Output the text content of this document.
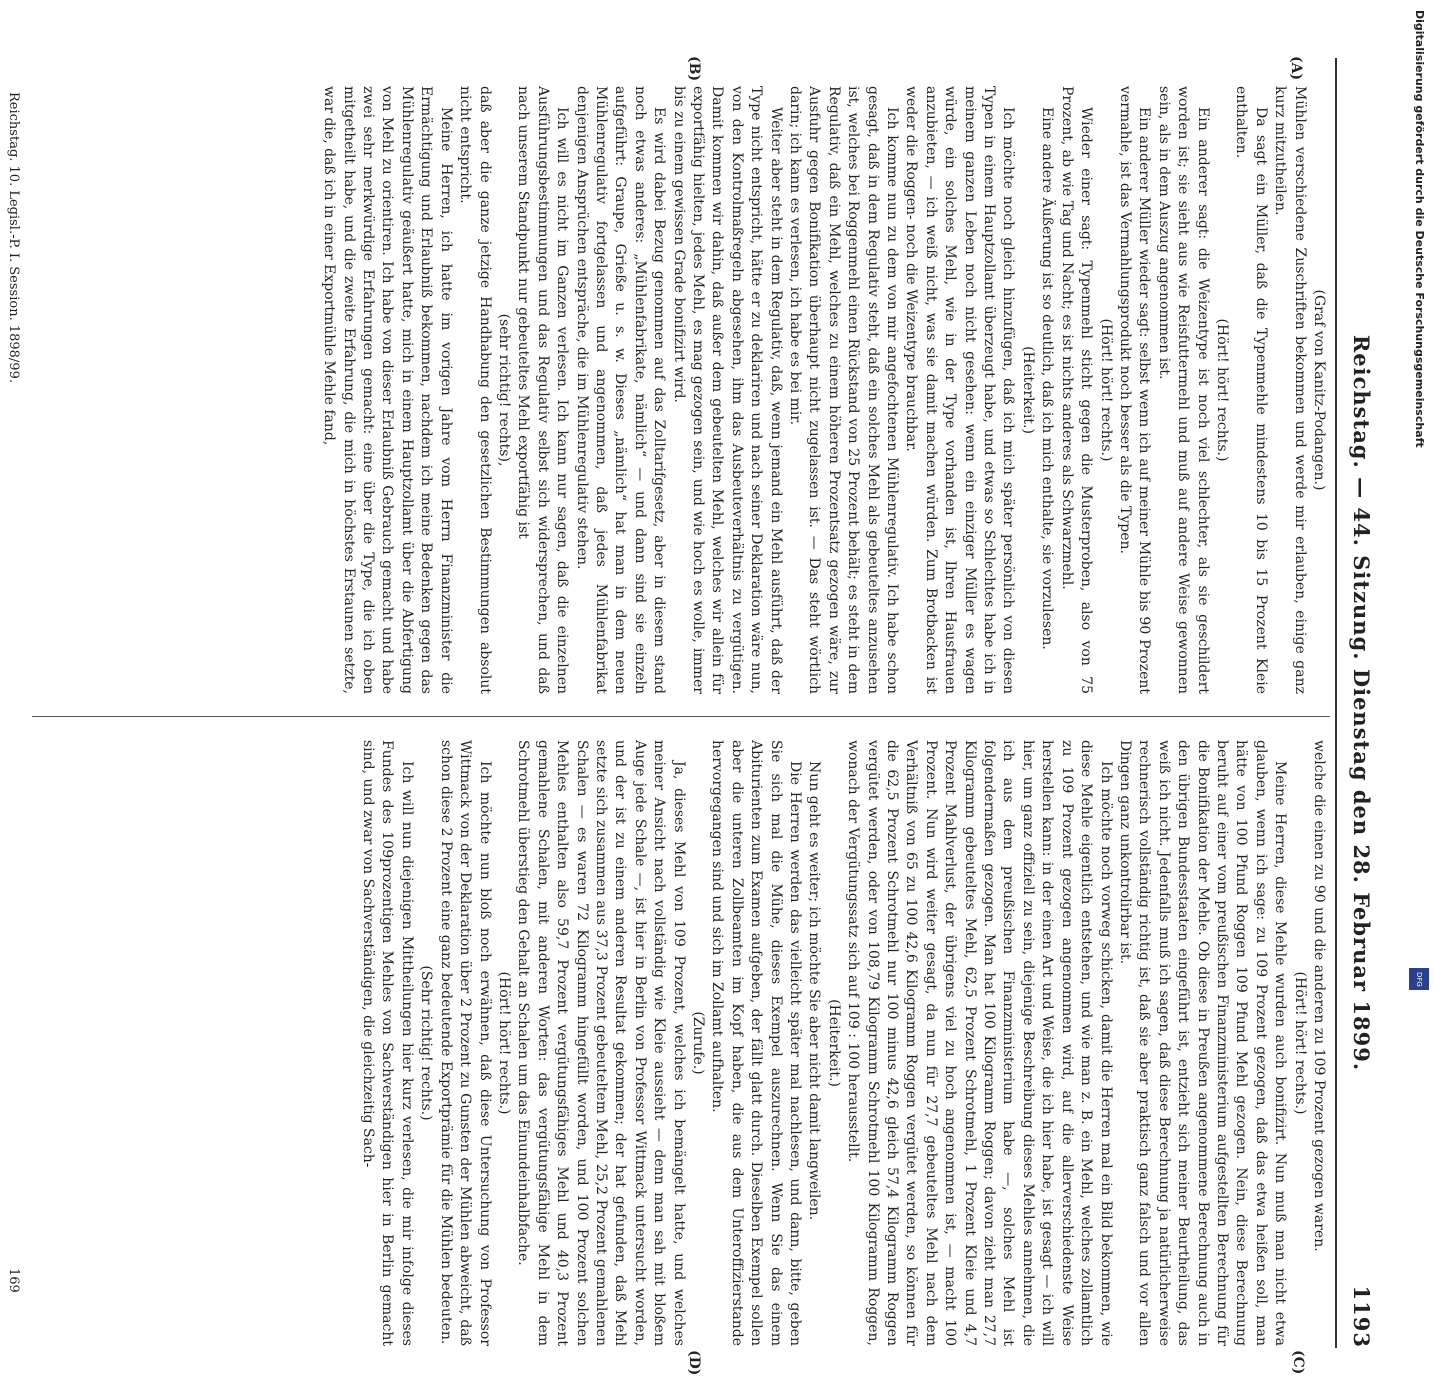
Reichstag. — 44. Sitzung. Dienstag den 28. Februar 1899.
1193
(A)
(B)
(C)
(D)

(Graf von Kanitz-Podangen.)

Mühlen verschiedene Zuschriften bekommen und werde mir erlauben, einige ganz kurz mitzutheilen.

Da sagt ein Müller, daß die Typenmehle mindestens 10 bis 15 Prozent Kleie enthalten.

(Hört! hört! rechts.)

Ein anderer sagt: die Weizentype ist noch viel schlechter, als sie geschildert worden ist; sie sieht aus wie Reisfuttermehl und muß auf andere Weise gewonnen sein, als in dem Auszug angenommen ist.

Ein anderer Müller wieder sagt: selbst wenn ich auf meiner Mühle bis 90 Prozent vermahle, ist das Vermahlungsprodukt noch besser als die Typen.

(Hört! hört! rechts.)

Wieder einer sagt: Typenmehl sticht gegen die Musterproben, also von 75 Prozent, ab wie Tag und Nacht; es ist nichts anderes als Schwarzmehl.

Eine andere Äußerung ist so deutlich, daß ich mich enthalte, sie vorzulesen.

(Heiterkeit.)

Ich möchte noch gleich hinzufügen, daß ich mich später persönlich von diesen Typen in einem Hauptzollamt überzeugt habe, und etwas so Schlechtes habe ich in meinem ganzen Leben noch nicht gesehen: wenn ein einziger Müller es wagen würde, ein solches Mehl, wie in der Type vorhanden ist, Ihren Hausfrauen anzubieten, — ich weiß nicht, was sie damit machen würden. Zum Brotbacken ist weder die Roggen- noch die Weizentype brauchbar.

Ich komme nun zu dem von mir angefochtenen Mühlenregulativ. Ich habe schon gesagt, daß in dem Regulativ steht, daß ein solches Mehl als gebeuteltes anzusehen ist, welches bei Roggenmehl einen Rückstand von 25 Prozent behält; es steht in dem Regulativ, daß ein Mehl, welches zu einem höheren Prozentsatz gezogen wäre, zur Ausfuhr gegen Bonifikation überhaupt nicht zugelassen ist. — Das steht wörtlich darin; ich kann es verlesen, ich habe es bei mir.

Weiter aber steht in dem Regulativ, daß, wenn jemand ein Mehl ausführt, daß der Type nicht entspricht, hätte er zu deklariren und nach seiner Deklaration wäre nun, von den Kontrolmaßregeln abgesehen, ihm das Ausbeuteverhältnis zu vergütigen. Damit kommen wir dahin, daß außer dem gebeutelten Mehl, welches wir allein für exportfähig hielten, jedes Mehl, es mag gezogen sein, und wie hoch es wolle, immer bis zu einem gewissen Grade bonifizirt wird.

Es wird dabei Bezug genommen auf das Zolltarifgesetz, aber in diesem stand noch etwas anderes: „Mühlenfabrikate, nämlich“ — und dann sind sie einzeln aufgeführt: Graupe, Grieße u. s. w. Dieses „nämlich“ hat man in dem neuen Mühlenregulativ fortgelassen und angenommen, daß jedes Mühlenfabrikat denjenigen Ansprüchen entspräche, die im Mühlenregulativ stehen.

Ich will es nicht im Ganzen verlesen. Ich kann nur sagen, daß die einzelnen Ausführungsbestimmungen und das Regulativ selbst sich widersprechen, und daß nach unserem Standpunkt nur gebeuteltes Mehl exportfähig ist

(sehr richtig! rechts),

daß aber die ganze jetzige Handhabung den gesetzlichen Bestimmungen absolut nicht entspricht.

Meine Herren, ich hatte im vorigen Jahre vom Herrn Finanzminister die Ermächtigung und Erlaubniß bekommen, nachdem ich meine Bedenken gegen das Mühlenregulativ geäußert hatte, mich in einem Hauptzollamt über die Abfertigung von Mehl zu orientiren. Ich habe von dieser Erlaubniß Gebrauch gemacht und habe zwei sehr merkwürdige Erfahrungen gemacht: eine über die Type, die ich oben mitgetheilt habe, und die zweite Erfahrung, die mich in höchstes Erstaunen setzte, war die, daß ich in einer Exportmühle Mehle fand,

welche die einen zu 90 und die anderen zu 109 Prozent gezogen waren.

(Hört! hört! rechts.)

Meine Herren, diese Mehle wurden auch bonifizirt. Nun muß man nicht etwa glauben, wenn ich sage: zu 109 Prozent gezogen, daß das etwa heißen soll, man hätte von 100 Pfund Roggen 109 Pfund Mehl gezogen. Nein, diese Berechnung beruht auf einer vom preußischen Finanzministerium aufgestellten Berechnung für die Bonifikation der Mehle. Ob diese in Preußen angenommene Berechnung auch in den übrigen Bundesstaaten eingeführt ist, entzieht sich meiner Beurtheilung, das weiß ich nicht. Jedenfalls muß ich sagen, daß diese Berechnung ja natürlicherweise rechnerisch vollständig richtig ist, daß sie aber praktisch ganz falsch und vor allen Dingen ganz unkontrolirbar ist.

Ich möchte noch vorweg schicken, damit die Herren mal ein Bild bekommen, wie diese Mehle eigentlich entstehen, und wie man z. B. ein Mehl, welches zollamtlich zu 109 Prozent gezogen angenommen wird, auf die allerverschiedenste Weise herstellen kann: in der einen Art und Weise, die ich hier habe, ist gesagt — ich will hier, um ganz offiziell zu sein, diejenige Beschreibung dieses Mehles annehmen, die ich aus dem preußischen Finanzministerium habe —, solches Mehl ist folgendermaßen gezogen. Man hat 100 Kilogramm Roggen; davon zieht man 27,7 Kilogramm gebeuteltes Mehl, 62,5 Prozent Schrotmehl, 1 Prozent Kleie und 4,7 Prozent Mahlverlust, der übrigens viel zu hoch angenommen ist, — macht 100 Prozent. Nun wird weiter gesagt, da nun für 27,7 gebeuteltes Mehl nach dem Verhältniß von 65 zu 100 42,6 Kilogramm Roggen vergütet werden, so können für die 62,5 Prozent Schrotmehl nur 100 minus 42,6 gleich 57,4 Kilogramm Roggen vergütet werden, oder von 108,79 Kilogramm Schrotmehl 100 Kilogramm Roggen, wonach der Vergütungssatz sich auf 109 : 100 herausstellt.

(Heiterkeit.)

Nun geht es weiter; ich möchte Sie aber nicht damit langweilen.

Die Herren werden das vielleicht später mal nachlesen, und dann, bitte, geben Sie sich mal die Mühe, dieses Exempel auszurechnen. Wenn Sie das einem Abiturienten zum Examen aufgeben, der fällt glatt durch. Dieselben Exempel sollen aber die unteren Zollbeamten im Kopf haben, die aus dem Unteroffizierstande hervorgegangen sind und sich im Zollamt aufhalten.

(Zurufe.)

Ja, dieses Mehl von 109 Prozent, welches ich bemängelt hatte, und welches meiner Ansicht nach vollständig wie Kleie aussieht — denn man sah mit bloßem Auge jede Schale —, ist hier in Berlin von Professor Wittmack untersucht worden, und der ist zu einem anderen Resultat gekommen; der hat gefunden, daß Mehl setzte sich zusammen aus 37,3 Prozent gebeuteltem Mehl, 25,2 Prozent gemahlenen Schalen — es waren 72 Kilogramm hingefüllt worden, und 100 Prozent solchen Mehles enthalten also 59,7 Prozent vergütungsfähiges Mehl und 40,3 Prozent gemahlene Schalen, mit anderen Worten: das vergütungsfähige Mehl in dem Schrotmehl überstieg den Gehalt an Schalen um das Einundeinhalbfache.

(Hört! hört! rechts.)

Ich möchte nun bloß noch erwähnen, daß diese Untersuchung von Professor Wittmack von der Deklaration über 2 Prozent zu Gunsten der Mühlen abweicht, daß schon diese 2 Prozent eine ganz bedeutende Exportprämie für die Mühlen bedeuten.

(Sehr richtig! rechts.)

Ich will nun diejenigen Mittheilungen hier kurz verlesen, die mir infolge dieses Fundes des 109prozentigen Mehles von Sachverständigen hier in Berlin gemacht sind, und zwar von Sachverständigen, die gleichzeitig Sach-

Reichstag. 10. Legisl.-P. I. Session. 1898/99.
169
Digitalisierung gefördert durch die Deutsche Forschungsgemeinschaft
DFG
